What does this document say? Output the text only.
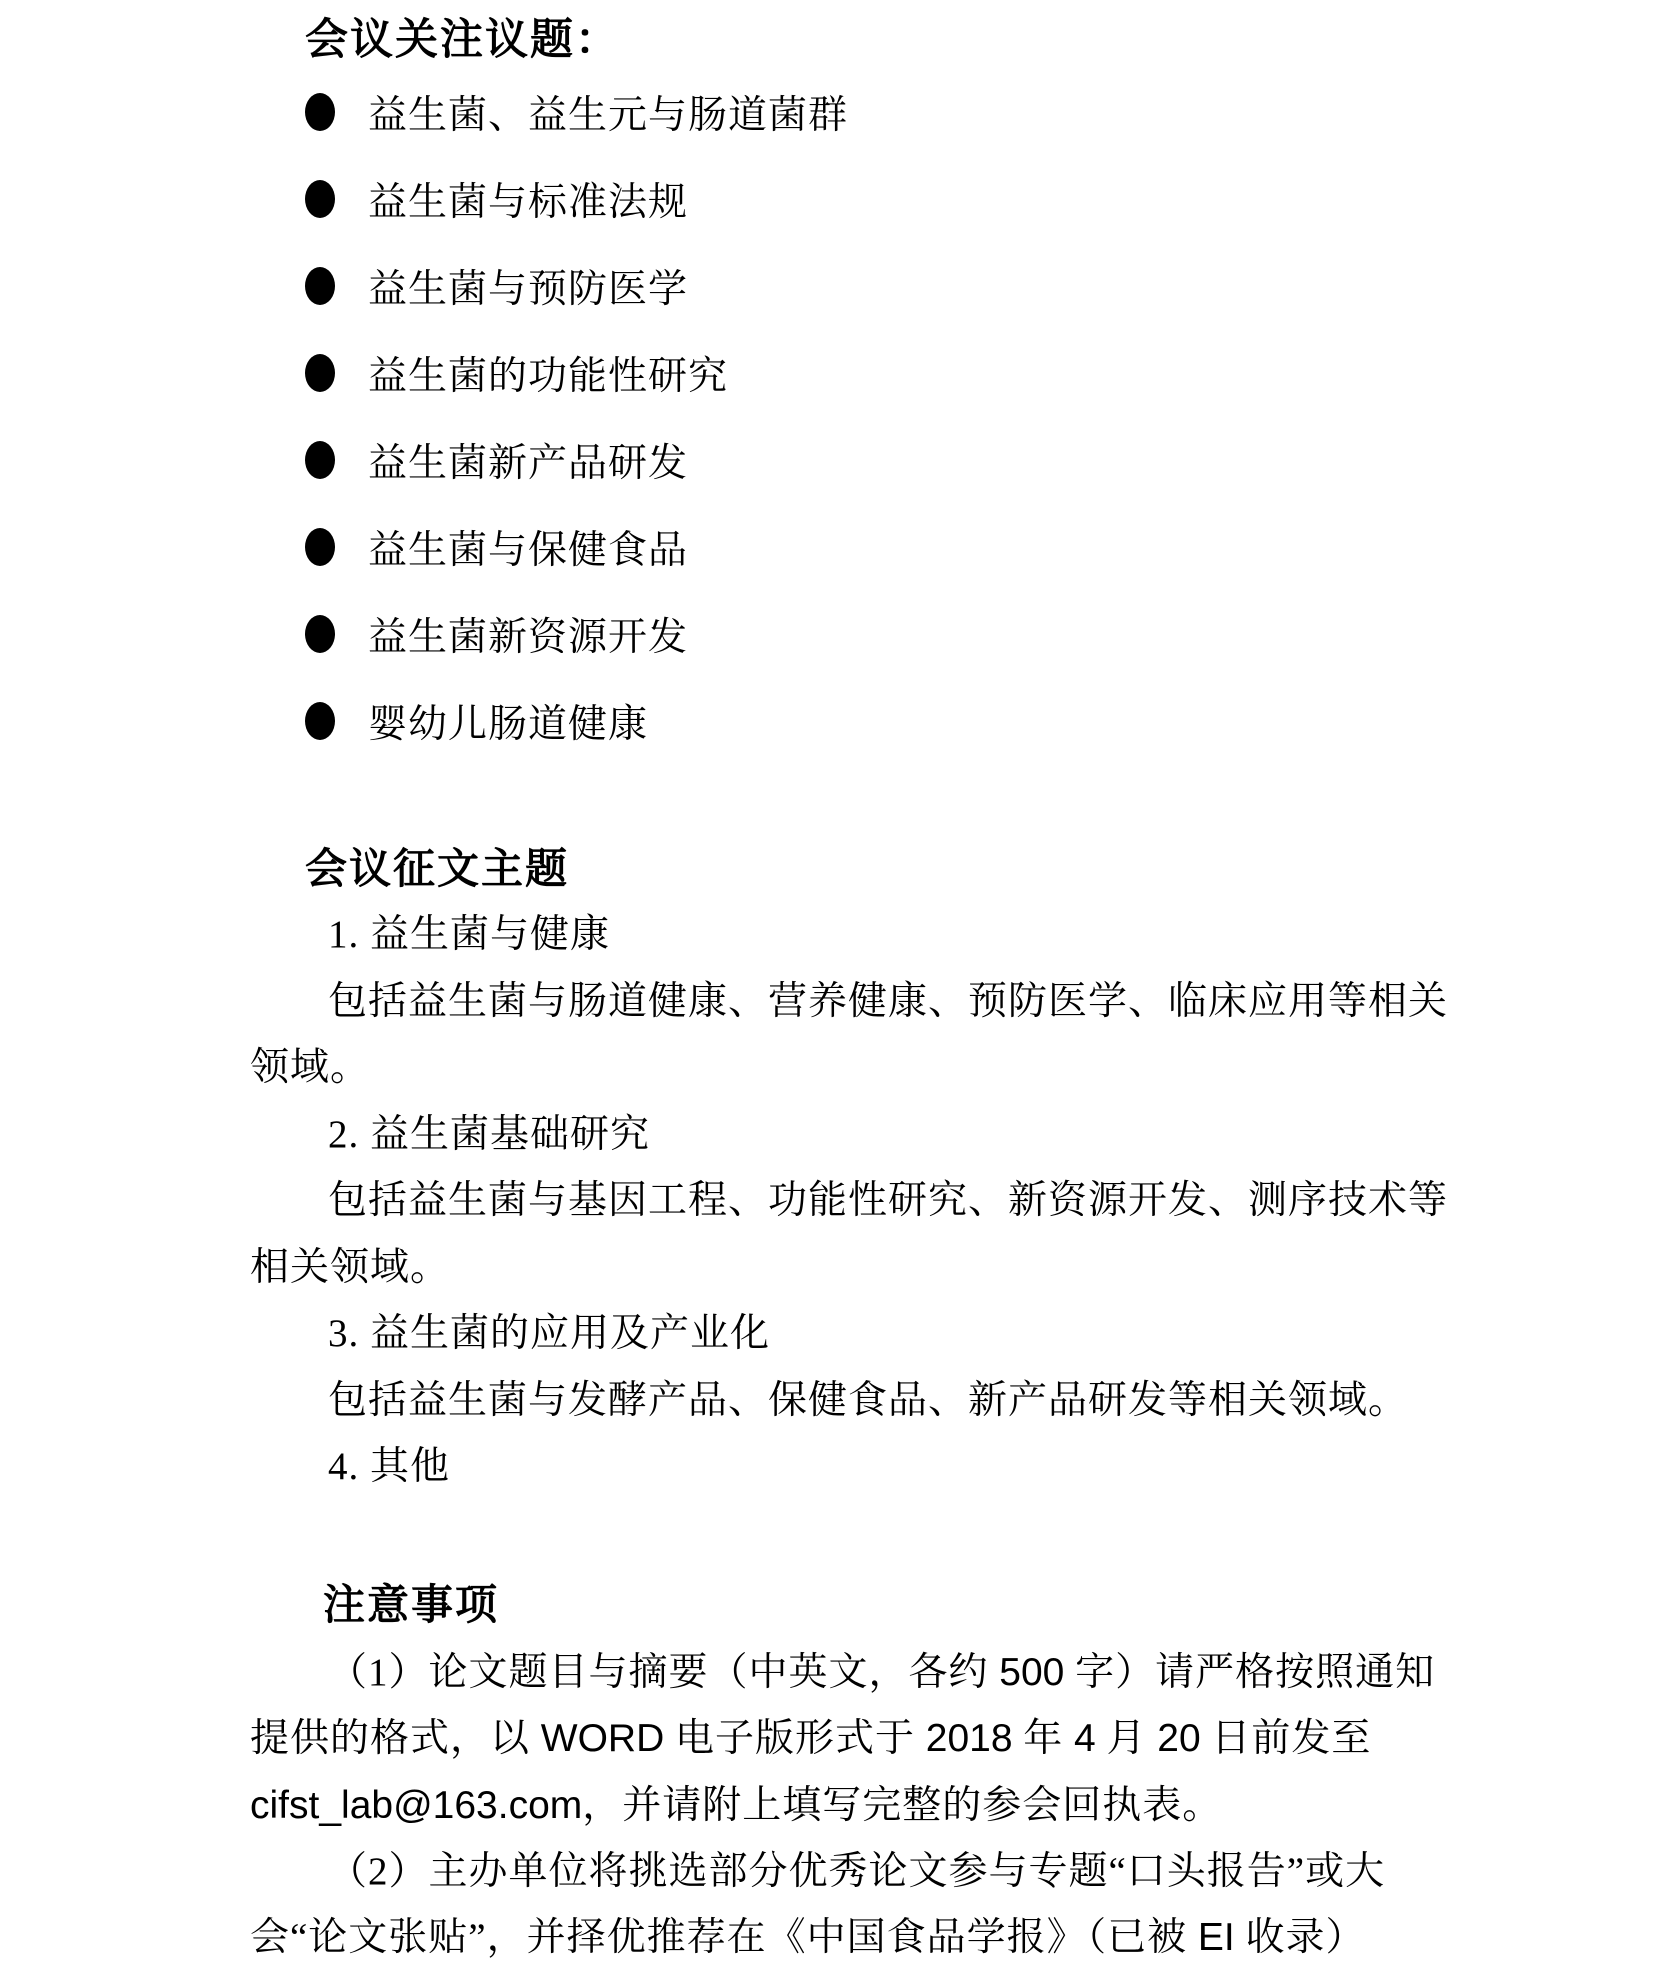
会议关注议题：
益生菌、益生元与肠道菌群
益生菌与标准法规
益生菌与预防医学
益生菌的功能性研究
益生菌新产品研发
益生菌与保健食品
益生菌新资源开发
婴幼儿肠道健康
会议征文主题
1. 益生菌与健康
包括益生菌与肠道健康、营养健康、预防医学、临床应用等相关
领域。
2. 益生菌基础研究
包括益生菌与基因工程、功能性研究、新资源开发、测序技术等
相关领域。
3. 益生菌的应用及产业化
包括益生菌与发酵产品、保健食品、新产品研发等相关领域。
4. 其他
注意事项
（1）论文题目与摘要（中英文，各约 500 字）请严格按照通知
提供的格式，以 WORD 电子版形式于 2018 年 4 月 20 日前发至
cifst_lab@163.com，并请附上填写完整的参会回执表。
（2）主办单位将挑选部分优秀论文参与专题“口头报告”或大
会“论文张贴”，并择优推荐在《中国食品学报》（已被 EI 收录）
